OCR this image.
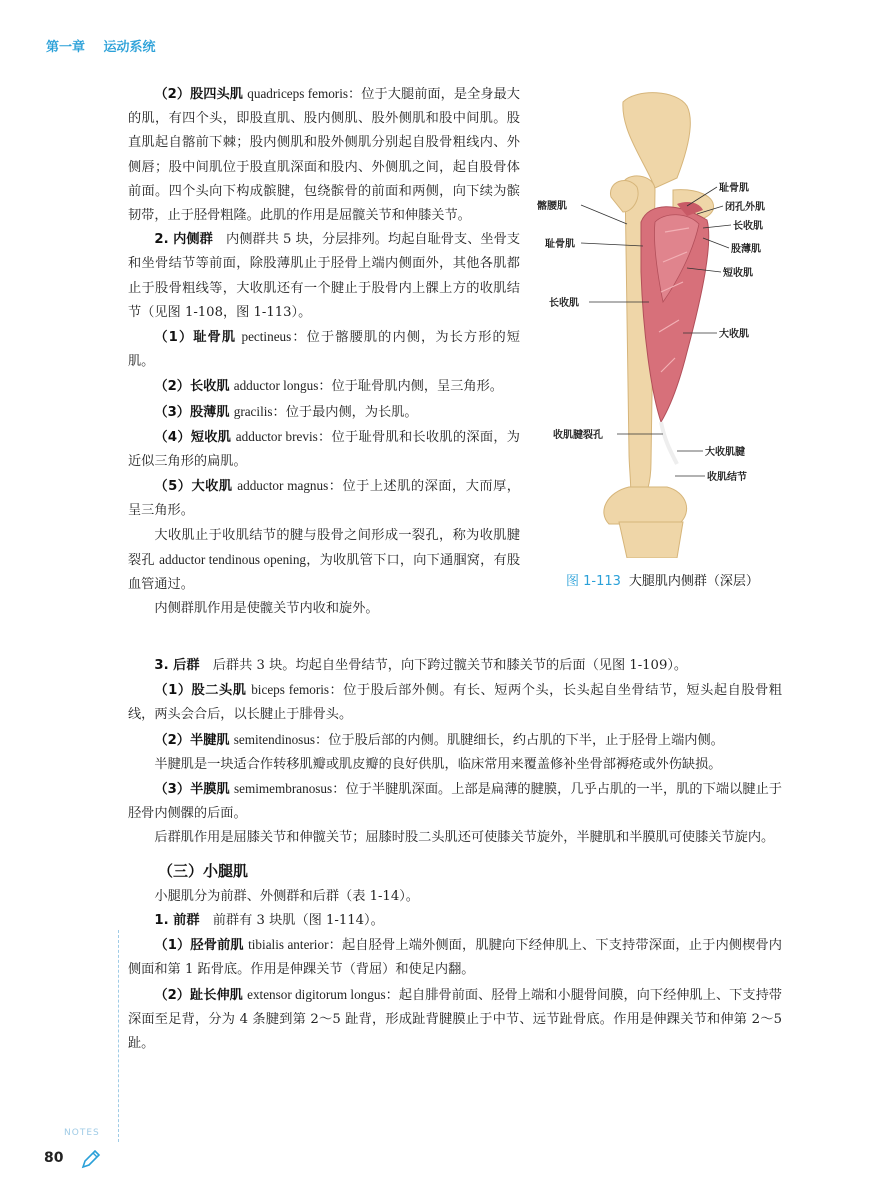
第一章 运动系统

（2）股四头肌 quadriceps femoris：位于大腿前面，是全身最大的肌，有四个头，即股直肌、股内侧肌、股外侧肌和股中间肌。股直肌起自髂前下棘；股内侧肌和股外侧肌分别起自股骨粗线内、外侧唇；股中间肌位于股直肌深面和股内、外侧肌之间，起自股骨体前面。四个头向下构成髌腱，包绕髌骨的前面和两侧，向下续为髌韧带，止于胫骨粗隆。此肌的作用是屈髋关节和伸膝关节。

2. 内侧群　内侧群共 5 块，分层排列。均起自耻骨支、坐骨支和坐骨结节等前面，除股薄肌止于胫骨上端内侧面外，其他各肌都止于股骨粗线等，大收肌还有一个腱止于股骨内上髁上方的收肌结节（见图 1-108，图 1-113）。

（1）耻骨肌 pectineus：位于髂腰肌的内侧，为长方形的短肌。

（2）长收肌 adductor longus：位于耻骨肌内侧，呈三角形。

（3）股薄肌 gracilis：位于最内侧，为长肌。

（4）短收肌 adductor brevis：位于耻骨肌和长收肌的深面，为近似三角形的扁肌。

（5）大收肌 adductor magnus：位于上述肌的深面，大而厚，呈三角形。

大收肌止于收肌结节的腱与股骨之间形成一裂孔，称为收肌腱裂孔 adductor tendinous opening，为收肌管下口，向下通腘窝，有股血管通过。

内侧群肌作用是使髋关节内收和旋外。

髂腰肌
耻骨肌
长收肌
收肌腱裂孔
耻骨肌
闭孔外肌
长收肌
股薄肌
短收肌
大收肌
大收肌腱
收肌结节
图 1-113 大腿肌内侧群（深层）

3. 后群　后群共 3 块。均起自坐骨结节，向下跨过髋关节和膝关节的后面（见图 1-109）。

（1）股二头肌 biceps femoris：位于股后部外侧。有长、短两个头，长头起自坐骨结节，短头起自股骨粗线，两头会合后，以长腱止于腓骨头。

（2）半腱肌 semitendinosus：位于股后部的内侧。肌腱细长，约占肌的下半，止于胫骨上端内侧。

半腱肌是一块适合作转移肌瓣或肌皮瓣的良好供肌，临床常用来覆盖修补坐骨部褥疮或外伤缺损。

（3）半膜肌 semimembranosus：位于半腱肌深面。上部是扁薄的腱膜，几乎占肌的一半，肌的下端以腱止于胫骨内侧髁的后面。

后群肌作用是屈膝关节和伸髋关节；屈膝时股二头肌还可使膝关节旋外，半腱肌和半膜肌可使膝关节旋内。

（三）小腿肌

小腿肌分为前群、外侧群和后群（表 1-14）。

1. 前群　前群有 3 块肌（图 1-114）。

（1）胫骨前肌 tibialis anterior：起自胫骨上端外侧面，肌腱向下经伸肌上、下支持带深面，止于内侧楔骨内侧面和第 1 跖骨底。作用是伸踝关节（背屈）和使足内翻。

（2）趾长伸肌 extensor digitorum longus：起自腓骨前面、胫骨上端和小腿骨间膜，向下经伸肌上、下支持带深面至足背，分为 4 条腱到第 2～5 趾背，形成趾背腱膜止于中节、远节趾骨底。作用是伸踝关节和伸第 2～5 趾。

NOTES
80
